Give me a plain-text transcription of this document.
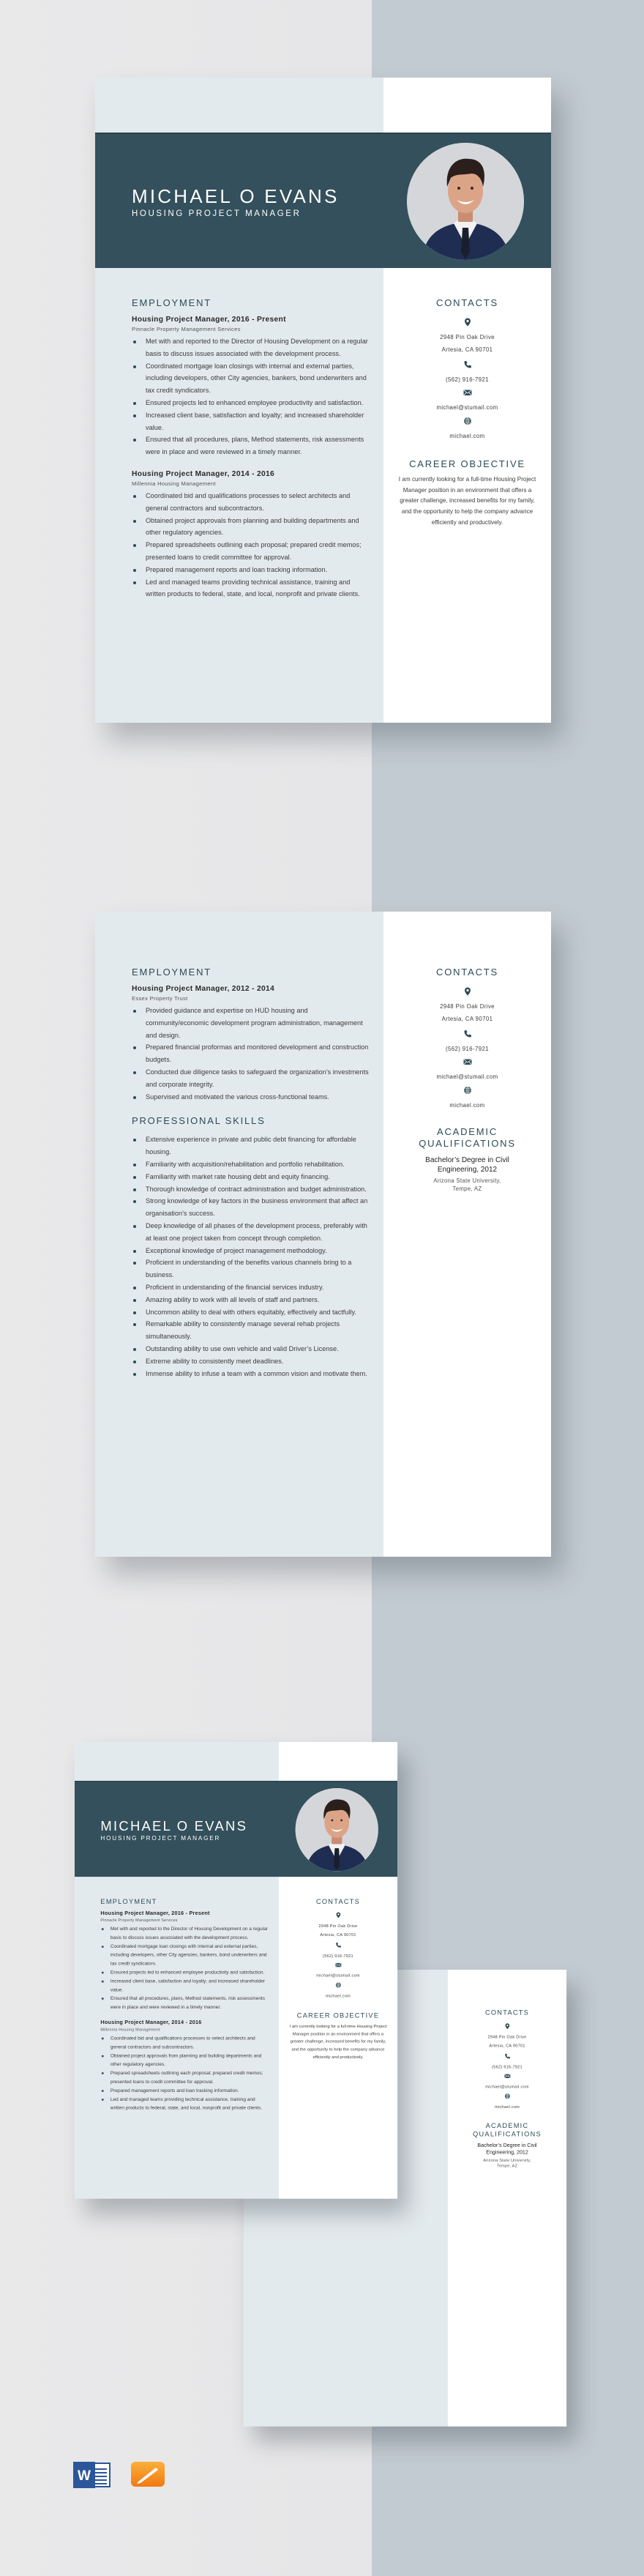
MICHAEL O EVANS
HOUSING PROJECT MANAGER
EMPLOYMENT
Housing Project Manager, 2016 - Present
Pinnacle Property Management Services
Met with and reported to the Director of Housing Development on a regular basis to discuss issues associated with the development process.
Coordinated mortgage loan closings with internal and external parties, including developers, other City agencies, bankers, bond underwriters and tax credit syndicators.
Ensured projects led to enhanced employee productivity and satisfaction.
Increased client base, satisfaction and loyalty; and increased shareholder value.
Ensured that all procedures, plans, Method statements, risk assessments were in place and were reviewed in a timely manner.
Housing Project Manager, 2014 - 2016
Millennia Housing Management
Coordinated bid and qualifications processes to select architects and general contractors and subcontractors.
Obtained project approvals from planning and building departments and other regulatory agencies.
Prepared spreadsheets outlining each proposal; prepared credit memos; presented loans to credit committee for approval.
Prepared management reports and loan tracking information.
Led and managed teams providing technical assistance, training and written products to federal, state, and local, nonprofit and private clients.
CONTACTS
2948 Pin Oak Drive
Artesia, CA 90701
(562) 916-7921
michael@stumail.com
michael.com
CAREER OBJECTIVE
I am currently looking for a full-time Housing Project Manager position in an environment that offers a greater challenge, increased benefits for my family, and the opportunity to help the company advance efficiently and productively.
EMPLOYMENT
Housing Project Manager, 2012 - 2014
Essex Property Trust
Provided guidance and expertise on HUD housing and community/economic development program administration, management and design.
Prepared financial proformas and monitored development and construction budgets.
Conducted due diligence tasks to safeguard the organization’s investments and corporate integrity.
Supervised and motivated the various cross-functional teams.
PROFESSIONAL SKILLS
Extensive experience in private and public debt financing for affordable housing.
Familiarity with acquisition/rehabilitation and portfolio rehabilitation.
Familiarity with market rate housing debt and equity financing.
Thorough knowledge of contract administration and budget administration.
Strong knowledge of key factors in the business environment that affect an organisation’s success.
Deep knowledge of all phases of the development process, preferably with at least one project taken from concept through completion.
Exceptional knowledge of project management methodology.
Proficient in understanding of the benefits various channels bring to a business.
Proficient in understanding of the financial services industry.
Amazing ability to work with all levels of staff and partners.
Uncommon ability to deal with others equitably, effectively and tactfully.
Remarkable ability to consistently manage several rehab projects simultaneously.
Outstanding ability to use own vehicle and valid Driver’s License.
Extreme ability to consistently meet deadlines.
Immense ability to infuse a team with a common vision and motivate them.
CONTACTS
2948 Pin Oak Drive
Artesia, CA 90701
(562) 916-7921
michael@stumail.com
michael.com
ACADEMIC
QUALIFICATIONS
Bachelor’s Degree in Civil Engineering, 2012
Arizona State University,
Tempe, AZ
CONTACTS
2948 Pin Oak Drive
Artesia, CA 90701
(562) 916-7921
michael@stumail.com
michael.com
ACADEMIC
QUALIFICATIONS
Bachelor’s Degree in Civil Engineering, 2012
Arizona State University,
Tempe, AZ
MICHAEL O EVANS
HOUSING PROJECT MANAGER
EMPLOYMENT
Housing Project Manager, 2016 - Present
Pinnacle Property Management Services
Met with and reported to the Director of Housing Development on a regular basis to discuss issues associated with the development process.
Coordinated mortgage loan closings with internal and external parties, including developers, other City agencies, bankers, bond underwriters and tax credit syndicators.
Ensured projects led to enhanced employee productivity and satisfaction.
Increased client base, satisfaction and loyalty; and increased shareholder value.
Ensured that all procedures, plans, Method statements, risk assessments were in place and were reviewed in a timely manner.
Housing Project Manager, 2014 - 2016
Millennia Housing Management
Coordinated bid and qualifications processes to select architects and general contractors and subcontractors.
Obtained project approvals from planning and building departments and other regulatory agencies.
Prepared spreadsheets outlining each proposal; prepared credit memos; presented loans to credit committee for approval.
Prepared management reports and loan tracking information.
Led and managed teams providing technical assistance, training and written products to federal, state, and local, nonprofit and private clients.
CONTACTS
2948 Pin Oak Drive
Artesia, CA 90701
(562) 916-7921
michael@stumail.com
michael.com
CAREER OBJECTIVE
I am currently looking for a full-time Housing Project Manager position in an environment that offers a greater challenge, increased benefits for my family, and the opportunity to help the company advance efficiently and productively.
W
